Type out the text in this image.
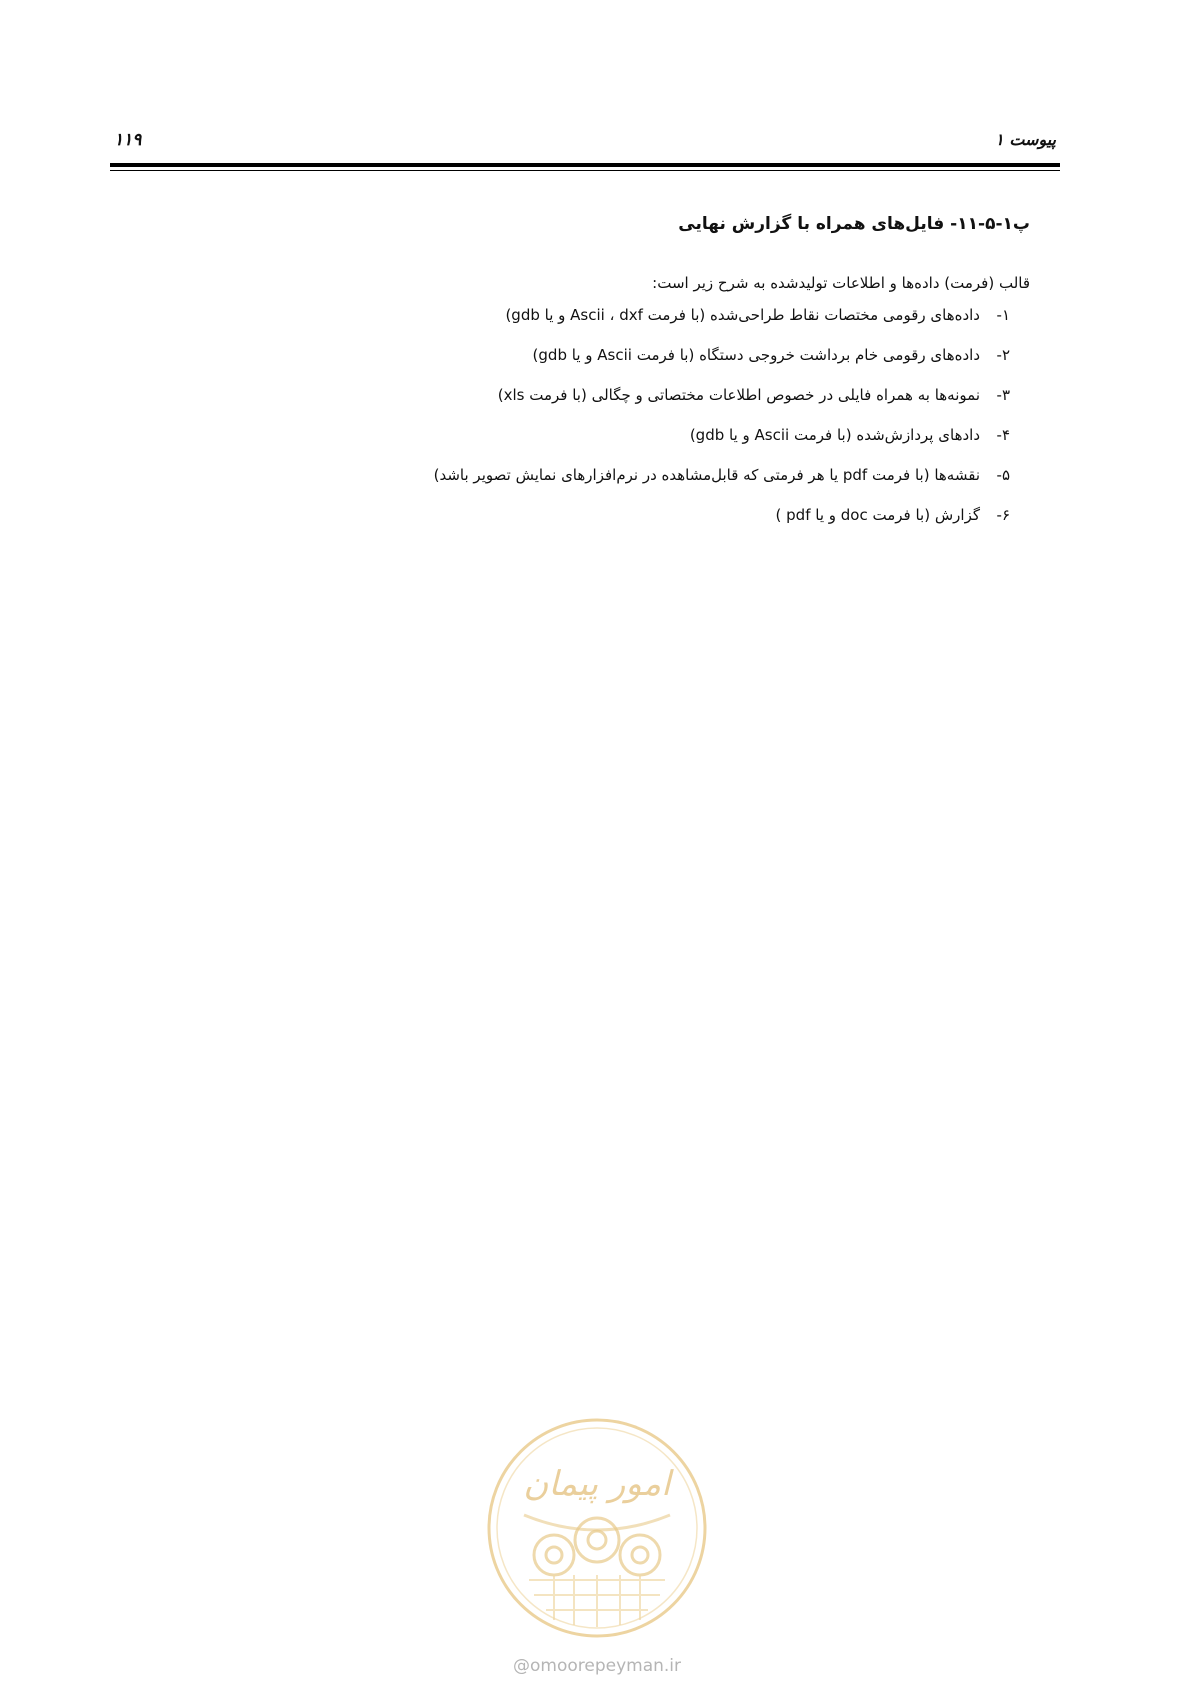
۱۱۹	پیوست ۱
پ۱-۵-۱۱- فایل‌های همراه با گزارش نهایی
قالب (فرمت) داده‌ها و اطلاعات تولیدشده به شرح زیر است:
۱-
داده‌های رقومی مختصات نقاط طراحی‌شده (با فرمت Ascii ، dxf و یا gdb)
۲-
داده‌های رقومی خام برداشت خروجی دستگاه (با فرمت Ascii و یا gdb)
۳-
نمونه‌ها به همراه فایلی در خصوص اطلاعات مختصاتی و چگالی (با فرمت xls)
۴-
دادهای پردازش‌شده (با فرمت Ascii و یا gdb)
۵-
نقشه‌ها (با فرمت pdf یا هر فرمتی که قابل‌مشاهده در نرم‌افزارهای نمایش تصویر باشد)
۶-
گزارش (با فرمت doc و یا pdf )
امور پیمان
@omoorepeyman.ir
